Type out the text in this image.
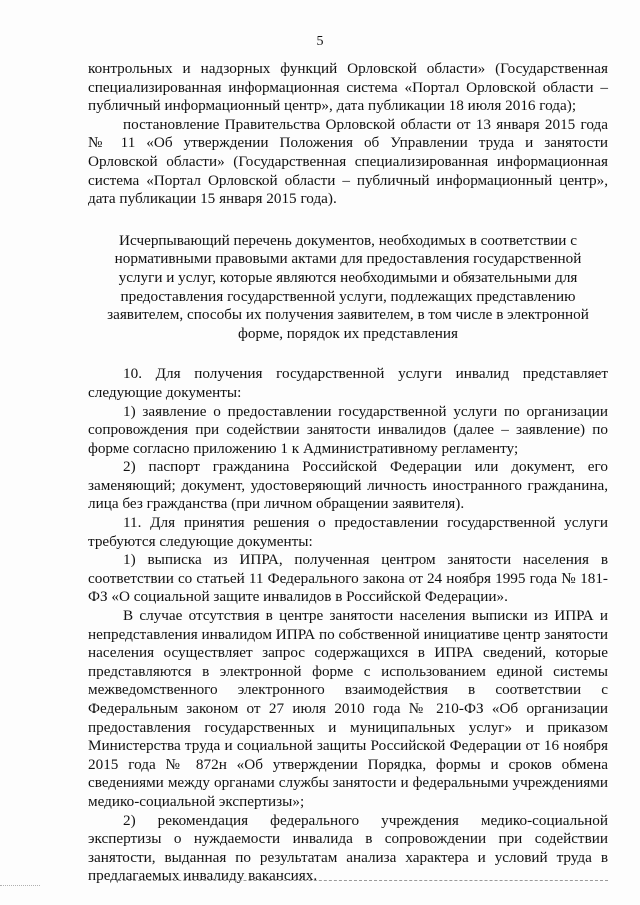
5

контрольных и надзорных функций Орловской области» (Государственная специализированная информационная система «Портал Орловской области – публичный информационный центр», дата публикации 18 июля 2016 года);

постановление Правительства Орловской области от 13 января 2015 года № 11 «Об утверждении Положения об Управлении труда и занятости Орловской области» (Государственная специализированная информационная система «Портал Орловской области – публичный информационный центр», дата публикации 15 января 2015 года).

Исчерпывающий перечень документов, необходимых в соответствии с нормативными правовыми актами для предоставления государственной услуги и услуг, которые являются необходимыми и обязательными для предоставления государственной услуги, подлежащих представлению заявителем, способы их получения заявителем, в том числе в электронной форме, порядок их представления

10. Для получения государственной услуги инвалид представляет следующие документы:

1) заявление о предоставлении государственной услуги по организации сопровождения при содействии занятости инвалидов (далее – заявление) по форме согласно приложению 1 к Административному регламенту;

2) паспорт гражданина Российской Федерации или документ, его заменяющий; документ, удостоверяющий личность иностранного гражданина, лица без гражданства (при личном обращении заявителя).

11. Для принятия решения о предоставлении государственной услуги требуются следующие документы:

1) выписка из ИПРА, полученная центром занятости населения в соответствии со статьей 11 Федерального закона от 24 ноября 1995 года № 181-ФЗ «О социальной защите инвалидов в Российской Федерации».

В случае отсутствия в центре занятости населения выписки из ИПРА и непредставления инвалидом ИПРА по собственной инициативе центр занятости населения осуществляет запрос содержащихся в ИПРА сведений, которые представляются в электронной форме с использованием единой системы межведомственного электронного взаимодействия в соответствии с Федеральным законом от 27 июля 2010 года № 210-ФЗ «Об организации предоставления государственных и муниципальных услуг» и приказом Министерства труда и социальной защиты Российской Федерации от 16 ноября 2015 года № 872н «Об утверждении Порядка, формы и сроков обмена сведениями между органами службы занятости и федеральными учреждениями медико-социальной экспертизы»;

2) рекомендация федерального учреждения медико-социальной экспертизы о нуждаемости инвалида в сопровождении при содействии занятости, выданная по результатам анализа характера и условий труда в предлагаемых инвалиду вакансиях.
